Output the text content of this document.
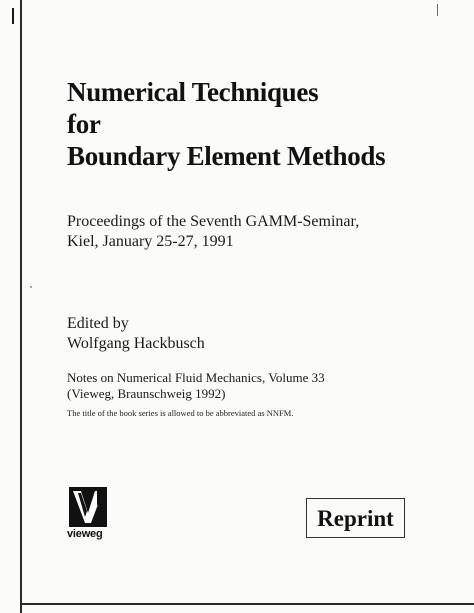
Numerical Techniques
for
Boundary Element Methods
Proceedings of the Seventh GAMM-Seminar,
Kiel, January 25-27, 1991
Edited by
Wolfgang Hackbusch
Notes on Numerical Fluid Mechanics, Volume 33
(Vieweg, Braunschweig 1992)
The title of the book series is allowed to be abbreviated as NNFM.
vieweg
Reprint
